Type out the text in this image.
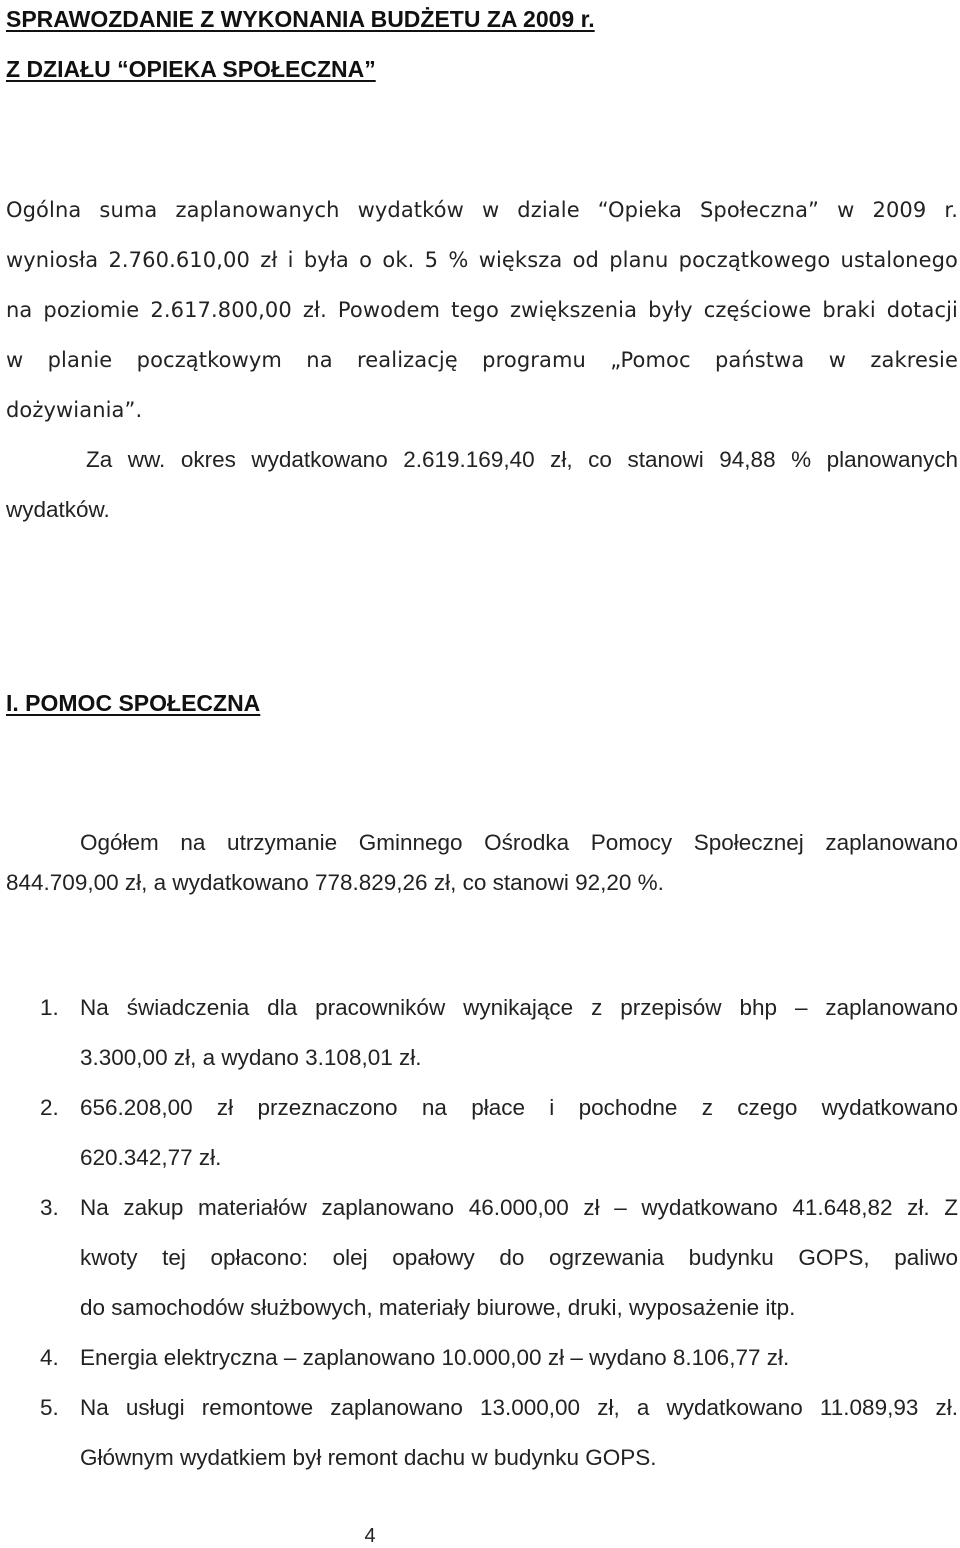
SPRAWOZDANIE Z WYKONANIA BUDŻETU ZA 2009 r.
Z DZIAŁU “OPIEKA SPOŁECZNA”
Ogólna suma zaplanowanych wydatków w dziale “Opieka Społeczna” w 2009 r.
wyniosła 2.760.610,00 zł i była o ok. 5 % większa od planu początkowego ustalonego
na poziomie 2.617.800,00 zł. Powodem tego zwiększenia były częściowe braki dotacji
w planie początkowym na realizację programu „Pomoc państwa w zakresie
dożywiania”.
Za ww. okres wydatkowano 2.619.169,40 zł, co stanowi 94,88 % planowanych
wydatków.
I. POMOC SPOŁECZNA
Ogółem na utrzymanie Gminnego Ośrodka Pomocy Społecznej zaplanowano
844.709,00 zł, a wydatkowano 778.829,26 zł, co stanowi 92,20 %.
1. Na świadczenia dla pracowników wynikające z przepisów bhp – zaplanowano
3.300,00 zł, a wydano 3.108,01 zł.
2. 656.208,00 zł przeznaczono na płace i pochodne z czego wydatkowano
620.342,77 zł.
3. Na zakup materiałów zaplanowano 46.000,00 zł – wydatkowano 41.648,82 zł. Z
kwoty tej opłacono: olej opałowy do ogrzewania budynku GOPS, paliwo
do samochodów służbowych, materiały biurowe, druki, wyposażenie itp.
4. Energia elektryczna – zaplanowano 10.000,00 zł – wydano 8.106,77 zł.
5. Na usługi remontowe zaplanowano 13.000,00 zł, a wydatkowano 11.089,93 zł.
Głównym wydatkiem był remont dachu w budynku GOPS.
4
